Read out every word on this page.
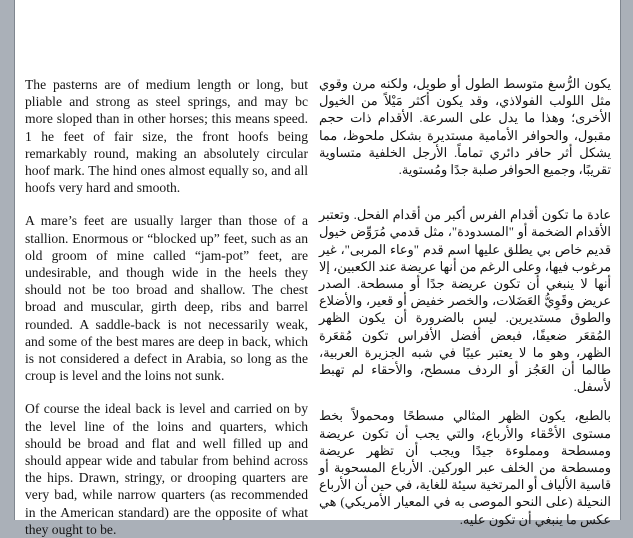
The pasterns are of medium length or long, but pliable and strong as steel springs, and may bc more sloped than in other horses; this means speed. 1 he feet of fair size, the front hoofs being remarkably round, making an absolutely circular hoof mark. The hind ones almost equally so, and all hoofs very hard and smooth.

A mare’s feet are usually larger than those of a stallion. Enormous or “blocked up” feet, such as an old groom of mine called “jam-pot” feet, are undesirable, and though wide in the heels they should not be too broad and shallow. The chest broad and muscular, girth deep, ribs and barrel rounded. A saddle-back is not necessarily weak, and some of the best mares are deep in back, which is not considered a defect in Arabia, so long as the croup is level and the loins not sunk.

Of course the ideal back is level and carried on by the level line of the loins and quarters, which should be broad and flat and well filled up and should appear wide and tabular from behind across the hips. Drawn, stringy, or drooping quarters are very bad, while narrow quarters (as recommended in the American standard) are the opposite of what they ought to be.

يكون الرُّسغ متوسط الطول أو طويل، ولكنه مرن وقوي مثل اللولب الفولاذي، وقد يكون أكثر مَيْلاً من الخيول الأخرى؛ وهذا ما يدل على السرعة. الأقدام ذات حجم مقبول، والحوافر الأمامية مستديرة بشكل ملحوظ، مما يشكل أثر حافر دائري تماماً. الأرجل الخلفية متساوية تقريبًا، وجميع الحوافر صلبة جدًا ومُستوية.

عادة ما تكون أقدام الفرس أكبر من أقدام الفحل. وتعتبر الأقدام الضخمة أو "المسدودة"، مثل قدمي مُرَوِّض خيول قديم خاص بي يطلق عليها اسم قدم "وعاء المربى"، غير مرغوب فيها، وعلى الرغم من أنها عريضة عند الكعبين، إلا أنها لا ينبغي أن تكون عريضة جدًا أو مسطحة. الصدر عريض وقَوِيُّ العَضَلات، والخصر خفيض أو قعير، والأضلاع والطوق مستديرين. ليس بالضرورة أن يكون الظهر المُقعَر ضعيفًا، فبعض أفضل الأفراس تكون مُقعَرة الظهر، وهو ما لا يعتبر عيبًا في شبه الجزيرة العربية، طالما أن العَجُز أو الردف مسطح، والأحقاء لم تهبط لأسفل.

بالطبع، يكون الظهر المثالي مسطحًا ومحمولاً بخط مستوى الأحْقاء والأرباع، والتي يجب أن تكون عريضة ومسطحة ومملوءة جيدًا ويجب أن تظهر عريضة ومسطحة من الخلف عبر الوركين. الأرباع المسحوبة أو قاسية الألياف أو المرتخية سيئة للغاية، في حين أن الأرباع النحيلة (على النحو الموصى به في المعيار الأمريكي) هي عكس ما ينبغي أن تكون عليه.
